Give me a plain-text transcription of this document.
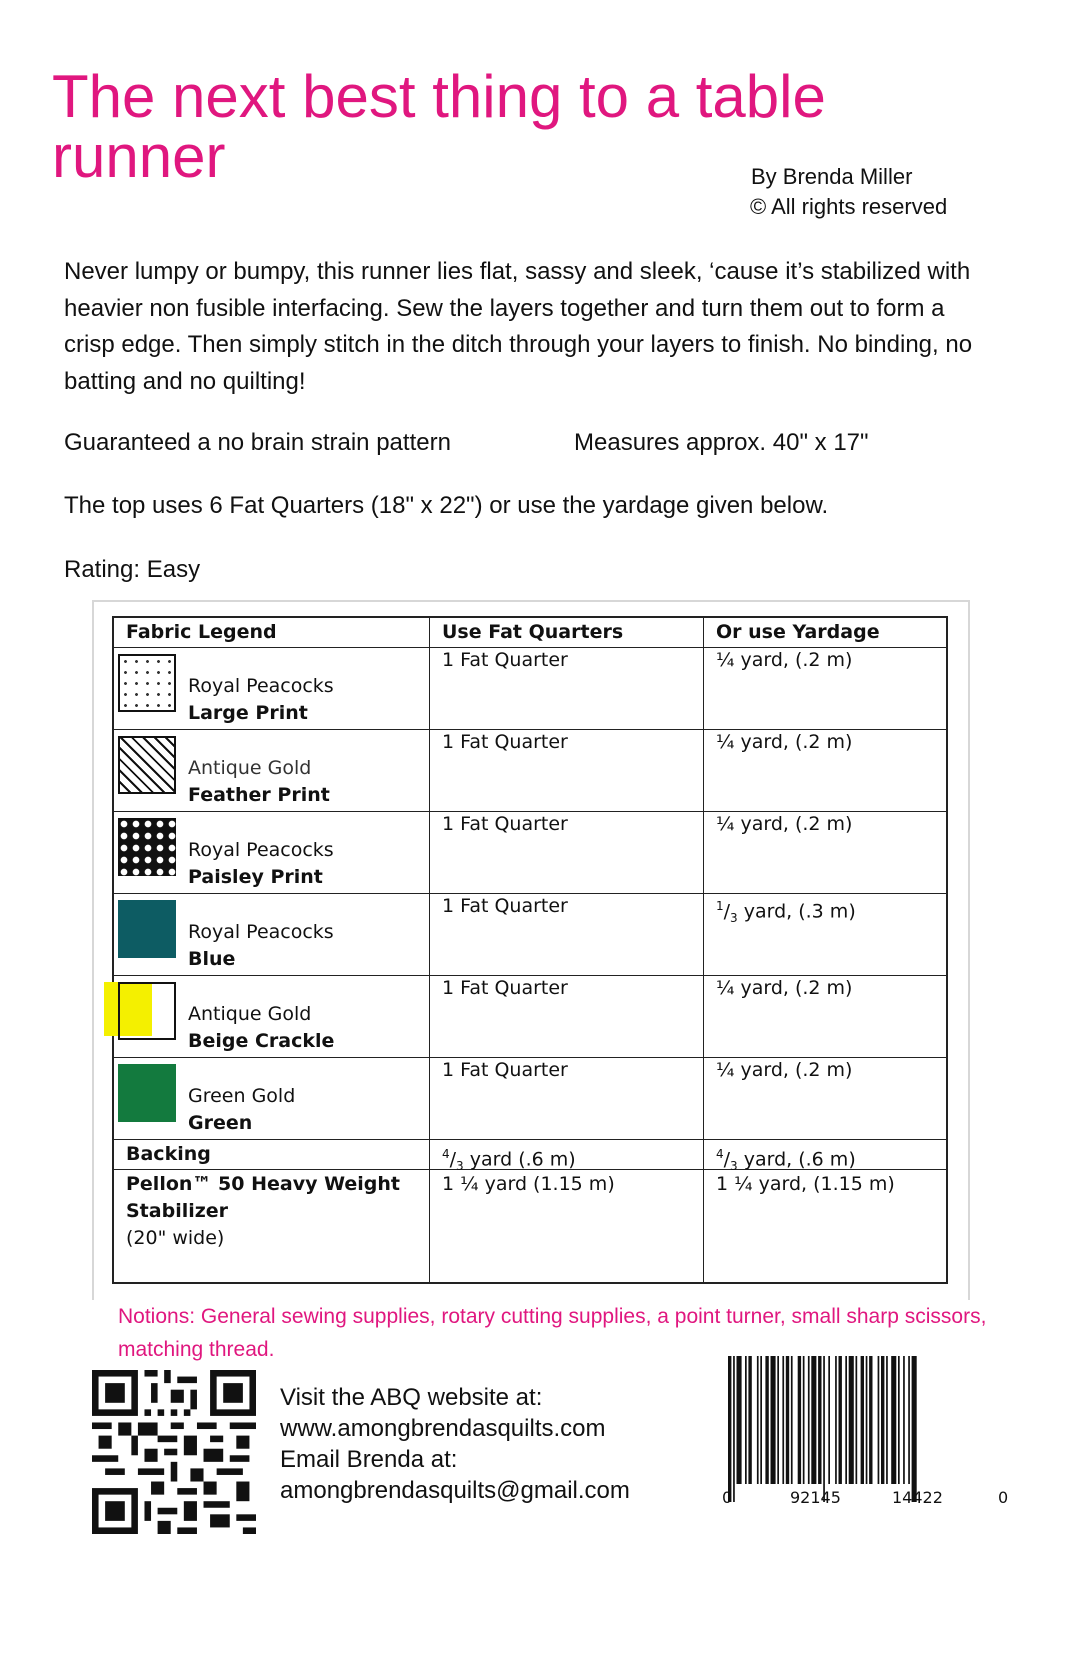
The next best thing to a table
runner	By Brenda Miller
© All rights reserved
Never lumpy or bumpy, this runner lies flat, sassy and sleek, ‘cause it’s stabilized with heavier non fusible interfacing. Sew the layers together and turn them out to form a crisp edge. Then simply stitch in the ditch through your layers to finish. No binding, no batting and no quilting!
Guaranteed a no brain strain pattern	Measures approx. 40" x 17"
The top uses 6 Fat Quarters (18" x 22") or use the yardage given below.
Rating: Easy
Fabric Legend	Use Fat Quarters	Or use Yardage
Royal Peacocks
Large Print
1 Fat Quarter	¼ yard, (.2 m)
Antique Gold
Feather Print
1 Fat Quarter	¼ yard, (.2 m)
Royal Peacocks
Paisley Print
1 Fat Quarter	¼ yard, (.2 m)
Royal Peacocks
Blue
1 Fat Quarter	$^1/_3$ yard, (.3 m)
Antique Gold
Beige Crackle
1 Fat Quarter	¼ yard, (.2 m)
Green Gold
Green
1 Fat Quarter	¼ yard, (.2 m)
Backing	$^4/_3$ yard (.6 m)	$^4/_3$ yard, (.6 m)
Pellon™ 50 Heavy Weight
Stabilizer
(20" wide)
1 ¼ yard (1.15 m)	1 ¼ yard, (1.15 m)
Notions: General sewing supplies, rotary cutting supplies, a point turner, small sharp scissors, matching thread.
Visit the ABQ website at:
www.amongbrendasquilts.com
Email Brenda at:
amongbrendasquilts@gmail.com	0	92145	14422	0
